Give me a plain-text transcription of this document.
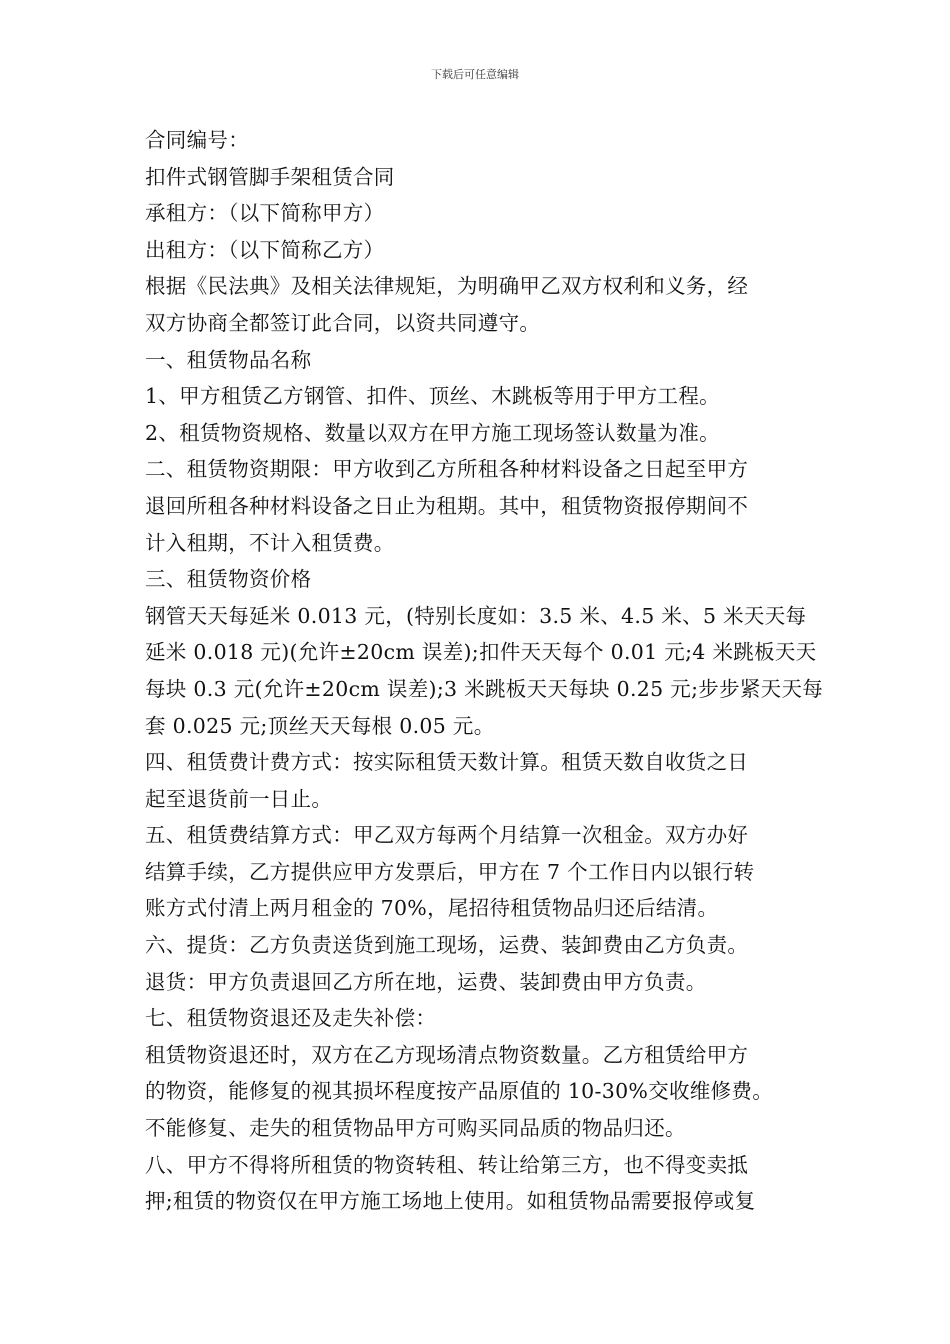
下载后可任意编辑

合同编号：

扣件式钢管脚手架租赁合同

承租方：（以下简称甲方）

出租方：（以下简称乙方）

根据《民法典》及相关法律规矩，为明确甲乙双方权利和义务，经

双方协商全都签订此合同，以资共同遵守。

一、租赁物品名称

1、甲方租赁乙方钢管、扣件、顶丝、木跳板等用于甲方工程。

2、租赁物资规格、数量以双方在甲方施工现场签认数量为准。

二、租赁物资期限：甲方收到乙方所租各种材料设备之日起至甲方

退回所租各种材料设备之日止为租期。其中，租赁物资报停期间不

计入租期，不计入租赁费。

三、租赁物资价格

钢管天天每延米 0.013 元，(特别长度如：3.5 米、4.5 米、5 米天天每

延米 0.018 元)(允许±20cm 误差);扣件天天每个 0.01 元;4 米跳板天天

每块 0.3 元(允许±20cm 误差);3 米跳板天天每块 0.25 元;步步紧天天每

套 0.025 元;顶丝天天每根 0.05 元。

四、租赁费计费方式：按实际租赁天数计算。租赁天数自收货之日

起至退货前一日止。

五、租赁费结算方式：甲乙双方每两个月结算一次租金。双方办好

结算手续，乙方提供应甲方发票后，甲方在 7 个工作日内以银行转

账方式付清上两月租金的 70%，尾招待租赁物品归还后结清。

六、提货：乙方负责送货到施工现场，运费、装卸费由乙方负责。

退货：甲方负责退回乙方所在地，运费、装卸费由甲方负责。

七、租赁物资退还及走失补偿：

租赁物资退还时，双方在乙方现场清点物资数量。乙方租赁给甲方

的物资，能修复的视其损坏程度按产品原值的 10-30%交收维修费。

不能修复、走失的租赁物品甲方可购买同品质的物品归还。

八、甲方不得将所租赁的物资转租、转让给第三方，也不得变卖抵

押;租赁的物资仅在甲方施工场地上使用。如租赁物品需要报停或复
